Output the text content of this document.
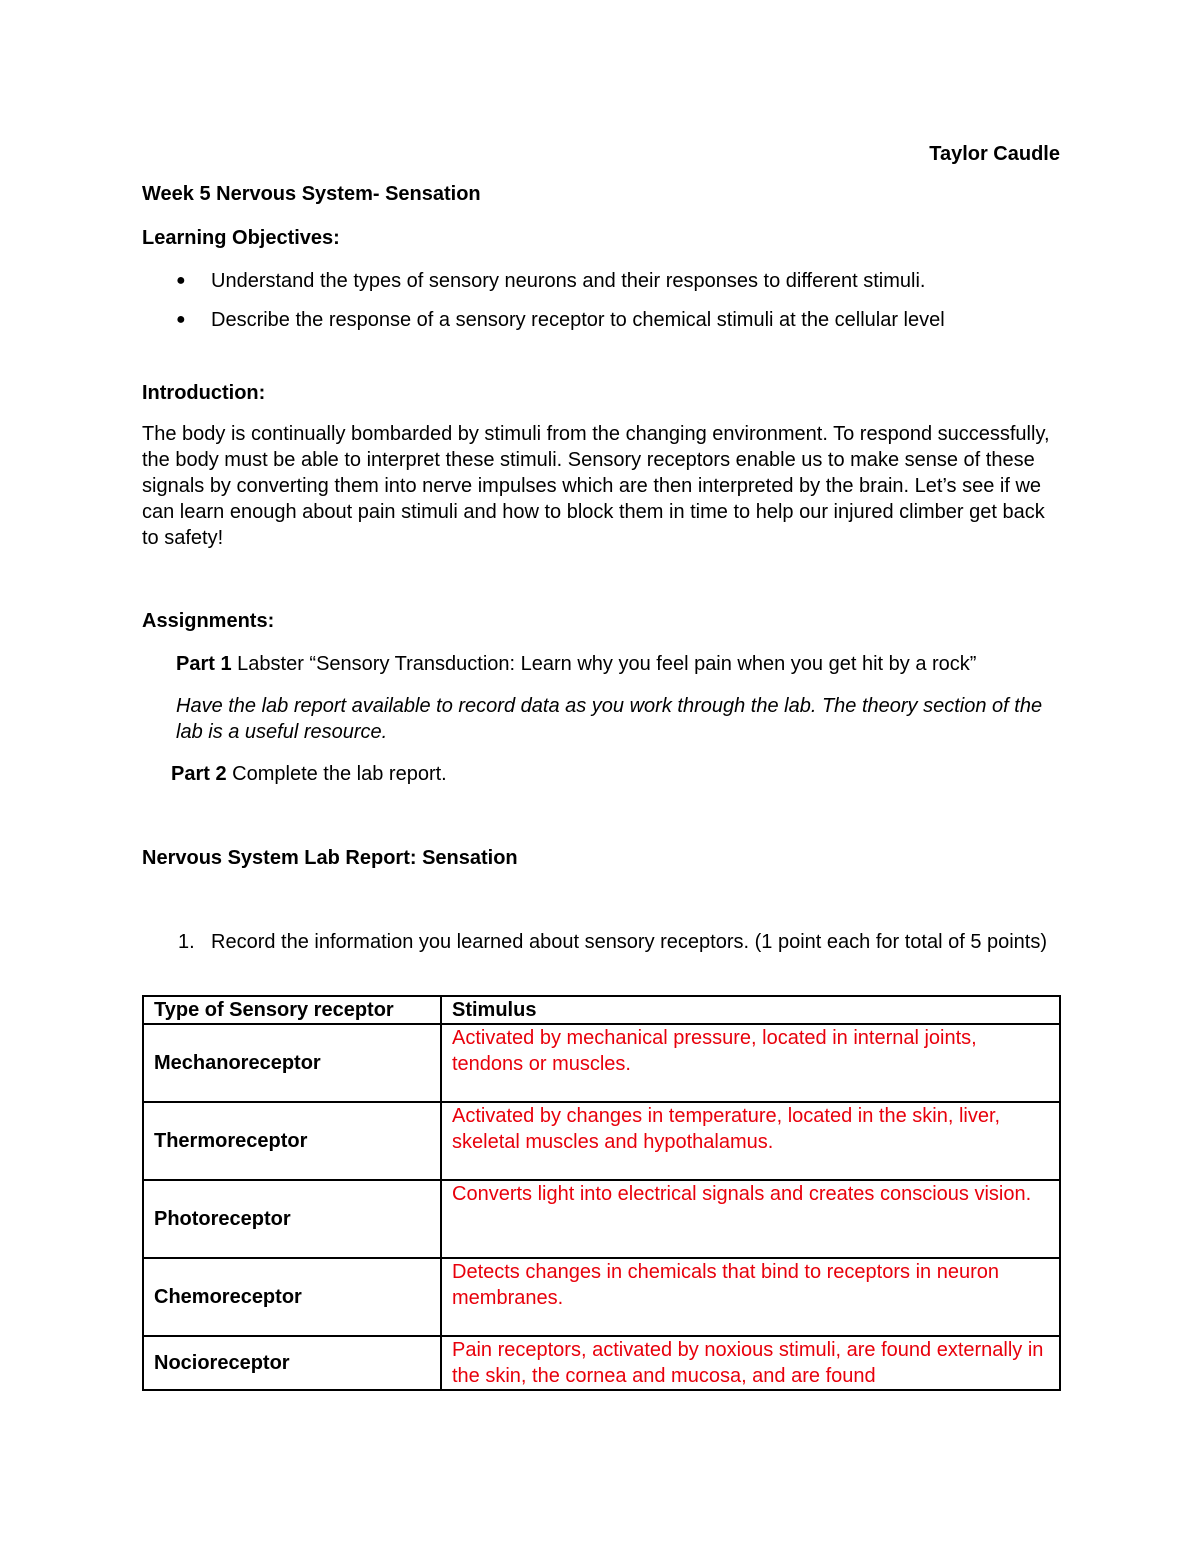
Taylor Caudle
Week 5 Nervous System- Sensation
Learning Objectives:
● Understand the types of sensory neurons and their responses to different stimuli.
● Describe the response of a sensory receptor to chemical stimuli at the cellular level
Introduction:

The body is continually bombarded by stimuli from the changing environment. To respond successfully, the body must be able to interpret these stimuli. Sensory receptors enable us to make sense of these signals by converting them into nerve impulses which are then interpreted by the brain. Let’s see if we can learn enough about pain stimuli and how to block them in time to help our injured climber get back to safety!

Assignments:
Part 1 Labster “Sensory Transduction: Learn why you feel pain when you get hit by a rock”
Have the lab report available to record data as you work through the lab. The theory section of the lab is a useful resource.
Part 2 Complete the lab report.
Nervous System Lab Report: Sensation
1. Record the information you learned about sensory receptors. (1 point each for total of 5 points)
Type of Sensory receptor	Stimulus
Mechanoreceptor	Activated by mechanical pressure, located in internal joints, tendons or muscles.
Thermoreceptor	Activated by changes in temperature, located in the skin, liver, skeletal muscles and hypothalamus.
Photoreceptor	Converts light into electrical signals and creates conscious vision.
Chemoreceptor	Detects changes in chemicals that bind to receptors in neuron membranes.
Nocioreceptor	Pain receptors, activated by noxious stimuli, are found externally in the skin, the cornea and mucosa, and are found
